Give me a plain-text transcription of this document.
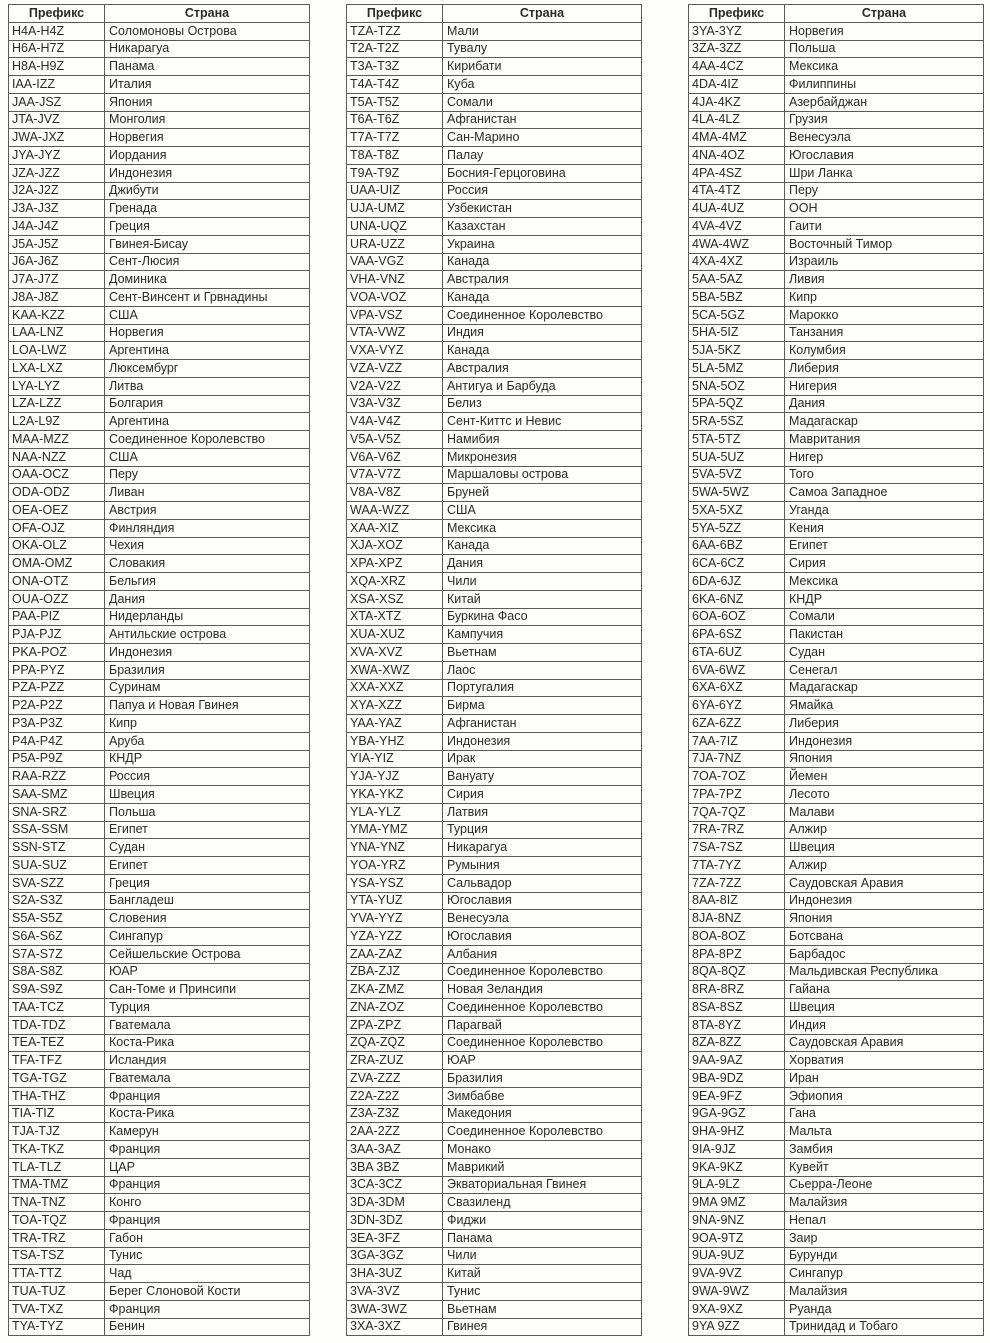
Префикс	Страна
H4A-H4Z	Соломоновы Острова
H6A-H7Z	Никарагуа
H8A-H9Z	Панама
IAA-IZZ	Италия
JAA-JSZ	Япония
JTA-JVZ	Монголия
JWA-JXZ	Норвегия
JYA-JYZ	Иордания
JZA-JZZ	Индонезия
J2A-J2Z	Джибути
J3A-J3Z	Гренада
J4A-J4Z	Греция
J5A-J5Z	Гвинея-Бисау
J6A-J6Z	Сент-Люсия
J7A-J7Z	Доминика
J8A-J8Z	Сент-Винсент и Грвнадины
KAA-KZZ	США
LAA-LNZ	Норвегия
LOA-LWZ	Аргентина
LXA-LXZ	Люксембург
LYA-LYZ	Литва
LZA-LZZ	Болгария
L2A-L9Z	Аргентина
MAA-MZZ	Соединенное Королевство
NAA-NZZ	США
OAA-OCZ	Перу
ODA-ODZ	Ливан
OEA-OEZ	Австрия
OFA-OJZ	Финляндия
OKA-OLZ	Чехия
OMA-OMZ	Словакия
ONA-OTZ	Бельгия
OUA-OZZ	Дания
PAA-PIZ	Нидерланды
PJA-PJZ	Антильские острова
PKA-POZ	Индонезия
PPA-PYZ	Бразилия
PZA-PZZ	Суринам
P2A-P2Z	Папуа и Новая Гвинея
P3A-P3Z	Кипр
P4A-P4Z	Аруба
P5A-P9Z	КНДР
RAA-RZZ	Россия
SAA-SMZ	Швеция
SNA-SRZ	Польша
SSA-SSM	Египет
SSN-STZ	Судан
SUA-SUZ	Египет
SVA-SZZ	Греция
S2A-S3Z	Бангладеш
S5A-S5Z	Словения
S6A-S6Z	Сингапур
S7A-S7Z	Сейшельские Острова
S8A-S8Z	ЮАР
S9A-S9Z	Сан-Томе и Принсипи
TAA-TCZ	Турция
TDA-TDZ	Гватемала
TEA-TEZ	Коста-Рика
TFA-TFZ	Исландия
TGA-TGZ	Гватемала
THA-THZ	Франция
TIA-TIZ	Коста-Рика
TJA-TJZ	Камерун
TKA-TKZ	Франция
TLA-TLZ	ЦАР
TMA-TMZ	Франция
TNA-TNZ	Конго
TOA-TQZ	Франция
TRA-TRZ	Габон
TSA-TSZ	Тунис
TTA-TTZ	Чад
TUA-TUZ	Берег Слоновой Кости
TVA-TXZ	Франция
TYA-TYZ	Бенин
Префикс	Страна
TZA-TZZ	Мали
T2A-T2Z	Тувалу
T3A-T3Z	Кирибати
T4A-T4Z	Куба
T5A-T5Z	Сомали
T6A-T6Z	Афганистан
T7A-T7Z	Сан-Марино
T8A-T8Z	Палау
T9A-T9Z	Босния-Герцоговина
UAA-UIZ	Россия
UJA-UMZ	Узбекистан
UNA-UQZ	Казахстан
URA-UZZ	Украина
VAA-VGZ	Канада
VHA-VNZ	Австралия
VOA-VOZ	Канада
VPA-VSZ	Соединенное Королевство
VTA-VWZ	Индия
VXA-VYZ	Канада
VZA-VZZ	Австралия
V2A-V2Z	Антигуа и Барбуда
V3A-V3Z	Белиз
V4A-V4Z	Сент-Киттс и Невис
V5A-V5Z	Намибия
V6A-V6Z	Микронезия
V7A-V7Z	Маршаловы острова
V8A-V8Z	Бруней
WAA-WZZ	США
XAA-XIZ	Мексика
XJA-XOZ	Канада
XPA-XPZ	Дания
XQA-XRZ	Чили
XSA-XSZ	Китай
XTA-XTZ	Буркина Фасо
XUA-XUZ	Кампучия
XVA-XVZ	Вьетнам
XWA-XWZ	Лаос
XXA-XXZ	Португалия
XYA-XZZ	Бирма
YAA-YAZ	Афганистан
YBA-YHZ	Индонезия
YIA-YIZ	Ирак
YJA-YJZ	Вануату
YKA-YKZ	Сирия
YLA-YLZ	Латвия
YMA-YMZ	Турция
YNA-YNZ	Никарагуа
YOA-YRZ	Румыния
YSA-YSZ	Сальвадор
YTA-YUZ	Югославия
YVA-YYZ	Венесуэла
YZA-YZZ	Югославия
ZAA-ZAZ	Албания
ZBA-ZJZ	Соединенное Королевство
ZKA-ZMZ	Новая Зеландия
ZNA-ZOZ	Соединенное Королевство
ZPA-ZPZ	Парагвай
ZQA-ZQZ	Соединенное Королевство
ZRA-ZUZ	ЮАР
ZVA-ZZZ	Бразилия
Z2A-Z2Z	Зимбабве
Z3A-Z3Z	Македония
2AA-2ZZ	Соединенное Королевство
3AA-3AZ	Монако
3BA 3BZ	Маврикий
3CA-3CZ	Экваториальная Гвинея
3DA-3DM	Свазиленд
3DN-3DZ	Фиджи
3EA-3FZ	Панама
3GA-3GZ	Чили
3HA-3UZ	Китай
3VA-3VZ	Тунис
3WA-3WZ	Вьетнам
3XA-3XZ	Гвинея
Префикс	Страна
3YA-3YZ	Норвегия
3ZA-3ZZ	Польша
4AA-4CZ	Мексика
4DA-4IZ	Филиппины
4JA-4KZ	Азербайджан
4LA-4LZ	Грузия
4MA-4MZ	Венесуэла
4NA-4OZ	Югославия
4PA-4SZ	Шри Ланка
4TA-4TZ	Перу
4UA-4UZ	ООН
4VA-4VZ	Гаити
4WA-4WZ	Восточный Тимор
4XA-4XZ	Израиль
5AA-5AZ	Ливия
5BA-5BZ	Кипр
5CA-5GZ	Марокко
5HA-5IZ	Танзания
5JA-5KZ	Колумбия
5LA-5MZ	Либерия
5NA-5OZ	Нигерия
5PA-5QZ	Дания
5RA-5SZ	Мадагаскар
5TA-5TZ	Мавритания
5UA-5UZ	Нигер
5VA-5VZ	Того
5WA-5WZ	Самоа Западное
5XA-5XZ	Уганда
5YA-5ZZ	Кения
6AA-6BZ	Египет
6CA-6CZ	Сирия
6DA-6JZ	Мексика
6KA-6NZ	КНДР
6OA-6OZ	Сомали
6PA-6SZ	Пакистан
6TA-6UZ	Судан
6VA-6WZ	Сенегал
6XA-6XZ	Мадагаскар
6YA-6YZ	Ямайка
6ZA-6ZZ	Либерия
7AA-7IZ	Индонезия
7JA-7NZ	Япония
7OA-7OZ	Йемен
7PA-7PZ	Лесото
7QA-7QZ	Малави
7RA-7RZ	Алжир
7SA-7SZ	Швеция
7TA-7YZ	Алжир
7ZA-7ZZ	Саудовская Аравия
8AA-8IZ	Индонезия
8JA-8NZ	Япония
8OA-8OZ	Ботсвана
8PA-8PZ	Барбадос
8QA-8QZ	Мальдивская Республика
8RA-8RZ	Гайана
8SA-8SZ	Швеция
8TA-8YZ	Индия
8ZA-8ZZ	Саудовская Аравия
9AA-9AZ	Хорватия
9BA-9DZ	Иран
9EA-9FZ	Эфиопия
9GA-9GZ	Гана
9HA-9HZ	Мальта
9IA-9JZ	Замбия
9KA-9KZ	Кувейт
9LA-9LZ	Сьерра-Леоне
9MA 9MZ	Малайзия
9NA-9NZ	Непал
9OA-9TZ	Заир
9UA-9UZ	Бурунди
9VA-9VZ	Сингапур
9WA-9WZ	Малайзия
9XA-9XZ	Руанда
9YA 9ZZ	Тринидад и Тобаго
